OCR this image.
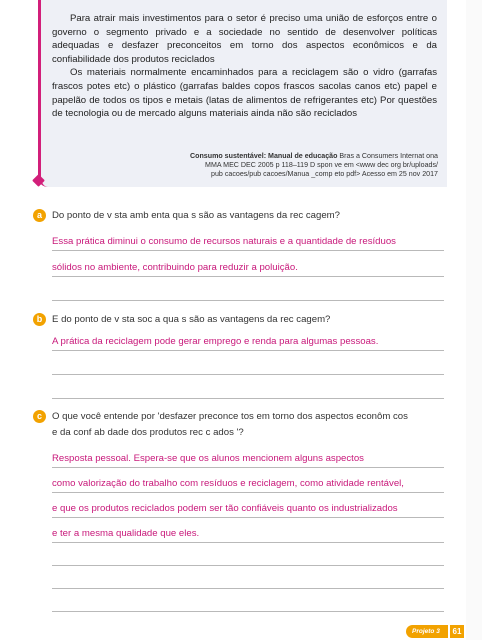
Para atrair mais investimentos para o setor é preciso uma união de esforços entre o governo o segmento privado e a sociedade no sentido de desenvolver políticas adequadas e desfazer preconceitos em torno dos aspectos econômicos e da confiabilidade dos produtos reciclados

Os materiais normalmente encaminhados para a reciclagem são o vidro (garrafas frascos potes etc) o plástico (garrafas baldes copos frascos sacolas canos etc) papel e papelão de todos os tipos e metais (latas de alimentos de refrigerantes etc) Por questões de tecnologia ou de mercado alguns materiais ainda não são reciclados

Consumo sustentável: Manual de educação Bras a Consumers Internat ona
MMA MEC DEC 2005 p 118–119 D spon ve em <www dec org br/uploads/
pub cacoes/pub cacoes/Manua _comp eto pdf> Acesso em 25 nov 2017
a	Do ponto de v sta amb enta qua s são as vantagens da rec cagem?
Essa prática diminui o consumo de recursos naturais e a quantidade de resíduos
sólidos no ambiente, contribuindo para reduzir a poluição.
b	E do ponto de v sta soc a qua s são as vantagens da rec cagem?
A prática da reciclagem pode gerar emprego e renda para algumas pessoas.
c	O que você entende por 'desfazer preconce tos em torno dos aspectos econôm cos
e da conf ab dade dos produtos rec c ados '?
Resposta pessoal. Espera-se que os alunos mencionem alguns aspectos
como valorização do trabalho com resíduos e reciclagem, como atividade rentável,
e que os produtos reciclados podem ser tão confiáveis quanto os industrializados
e ter a mesma qualidade que eles.
Projeto 3	61
